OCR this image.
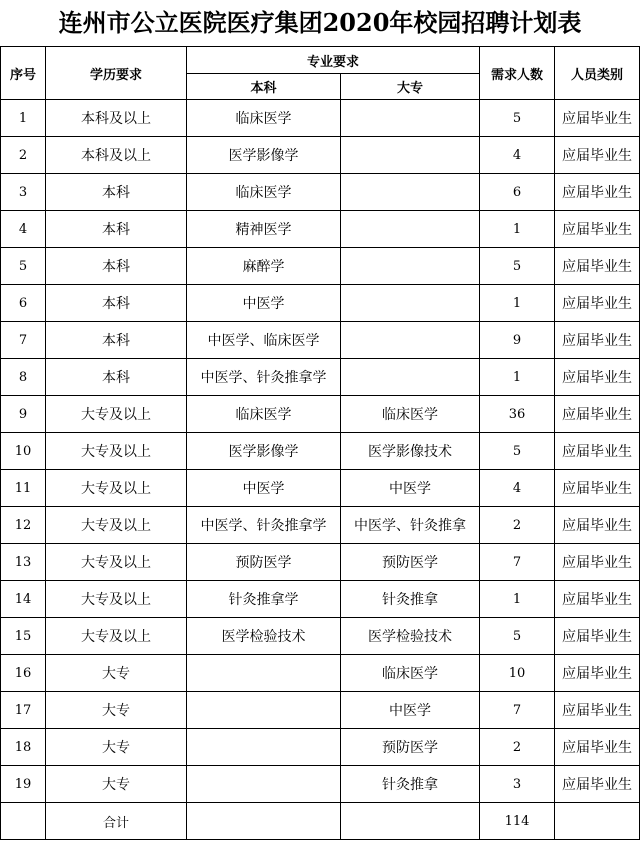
连州市公立医院医疗集团2020年校园招聘计划表
序号	学历要求	专业要求		需求人数	人员类别
		本科	大专		
1	本科及以上	临床医学		5	应届毕业生
2	本科及以上	医学影像学		4	应届毕业生
3	本科	临床医学		6	应届毕业生
4	本科	精神医学		1	应届毕业生
5	本科	麻醉学		5	应届毕业生
6	本科	中医学		1	应届毕业生
7	本科	中医学、临床医学		9	应届毕业生
8	本科	中医学、针灸推拿学		1	应届毕业生
9	大专及以上	临床医学	临床医学	36	应届毕业生
10	大专及以上	医学影像学	医学影像技术	5	应届毕业生
11	大专及以上	中医学	中医学	4	应届毕业生
12	大专及以上	中医学、针灸推拿学	中医学、针灸推拿	2	应届毕业生
13	大专及以上	预防医学	预防医学	7	应届毕业生
14	大专及以上	针灸推拿学	针灸推拿	1	应届毕业生
15	大专及以上	医学检验技术	医学检验技术	5	应届毕业生
16	大专		临床医学	10	应届毕业生
17	大专		中医学	7	应届毕业生
18	大专		预防医学	2	应届毕业生
19	大专		针灸推拿	3	应届毕业生
	合计			114	
